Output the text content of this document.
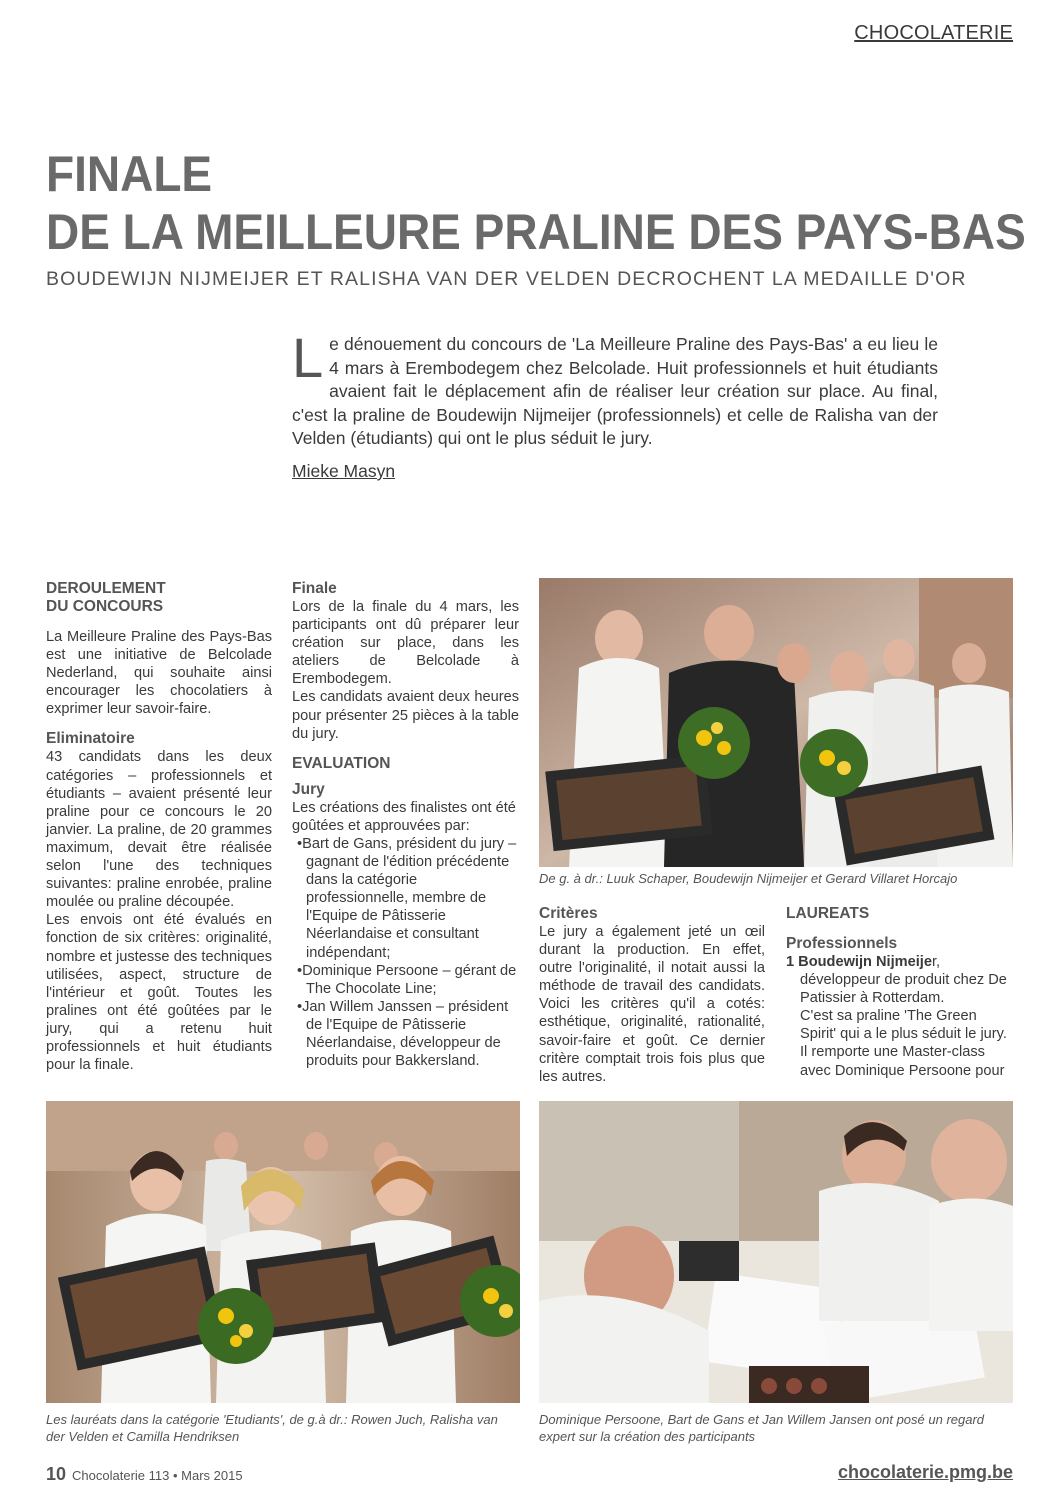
CHOCOLATERIE
FINALE
DE LA MEILLEURE PRALINE DES PAYS-BAS
BOUDEWIJN NIJMEIJER ET RALISHA VAN DER VELDEN DECROCHENT LA MEDAILLE D'OR
Le dénouement du concours de 'La Meilleure Praline des Pays-Bas' a eu lieu le 4 mars à Erembodegem chez Belcolade. Huit professionnels et huit étudiants avaient fait le déplacement afin de réaliser leur création sur place. Au final, c'est la praline de Boudewijn Nijmeijer (professionnels) et celle de Ralisha van der Velden (étudiants) qui ont le plus séduit le jury.
Mieke Masyn
DEROULEMENT
DU CONCOURS

La Meilleure Praline des Pays-Bas est une initiative de Belcolade Nederland, qui souhaite ainsi encourager les chocolatiers à exprimer leur savoir-faire.

Eliminatoire

43 candidats dans les deux catégories – professionnels et étudiants – avaient présenté leur praline pour ce concours le 20 janvier. La praline, de 20 grammes maximum, devait être réalisée selon l'une des techniques suivantes: praline enrobée, praline moulée ou praline découpée.

Les envois ont été évalués en fonction de six critères: originalité, nombre et justesse des techniques utilisées, aspect, structure de l'intérieur et goût. Toutes les pralines ont été goûtées par le jury, qui a retenu huit professionnels et huit étudiants pour la finale.

Finale

Lors de la finale du 4 mars, les participants ont dû préparer leur création sur place, dans les ateliers de Belcolade à Erembodegem.

Les candidats avaient deux heures pour présenter 25 pièces à la table du jury.

EVALUATION
Jury

Les créations des finalistes ont été goûtées et approuvées par:

•Bart de Gans, président du jury – gagnant de l'édition précédente dans la catégorie professionnelle, membre de l'Equipe de Pâtisserie Néerlandaise et consultant indépendant;

•Dominique Persoone – gérant de The Chocolate Line;

•Jan Willem Janssen – président de l'Equipe de Pâtisserie Néerlandaise, développeur de produits pour Bakkersland.

De g. à dr.: Luuk Schaper, Boudewijn Nijmeijer et Gerard Villaret Horcajo
Critères

Le jury a également jeté un œil durant la production. En effet, outre l'originalité, il notait aussi la méthode de travail des candidats. Voici les critères qu'il a cotés: esthétique, originalité, rationalité, savoir-faire et goût. Ce dernier critère comptait trois fois plus que les autres.

LAUREATS
Professionnels

1 Boudewijn Nijmeijer, développeur de produit chez De Patissier à Rotterdam.

C'est sa praline 'The Green Spirit' qui a le plus séduit le jury.

Il remporte une Master-class avec Dominique Persoone pour

Les lauréats dans la catégorie 'Etudiants', de g.à dr.: Rowen Juch, Ralisha van der Velden et Camilla Hendriksen
Dominique Persoone, Bart de Gans et Jan Willem Jansen ont posé un regard expert sur la création des participants
10 Chocolaterie 113 • Mars 2015	chocolaterie.pmg.be
